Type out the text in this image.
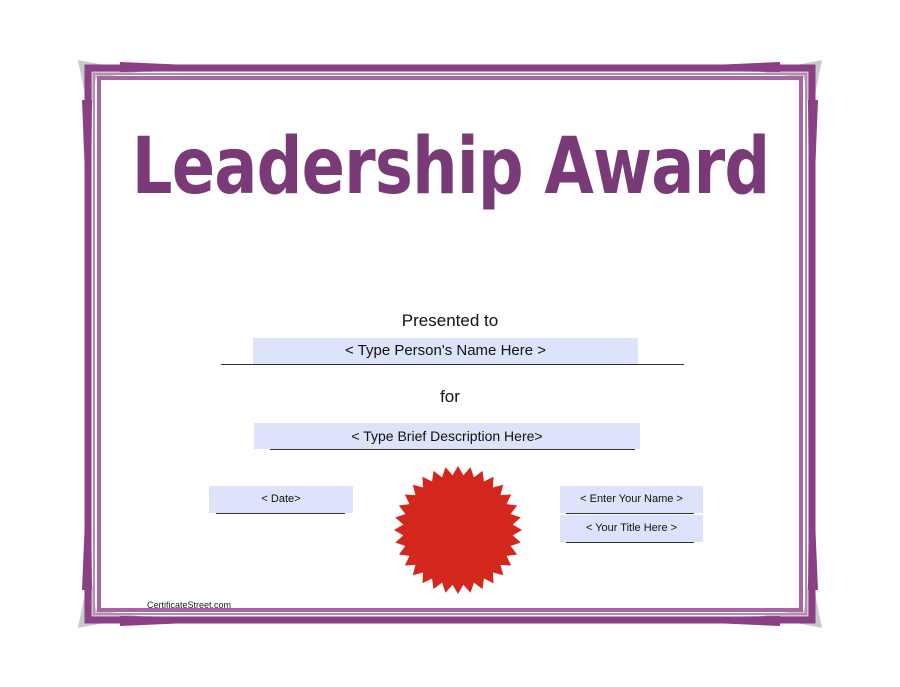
Leadership Award
Presented to
< Type Person's Name Here >
for
< Type Brief Description Here>
< Date>	< Enter Your Name >
< Your Title Here >
CertificateStreet.com
